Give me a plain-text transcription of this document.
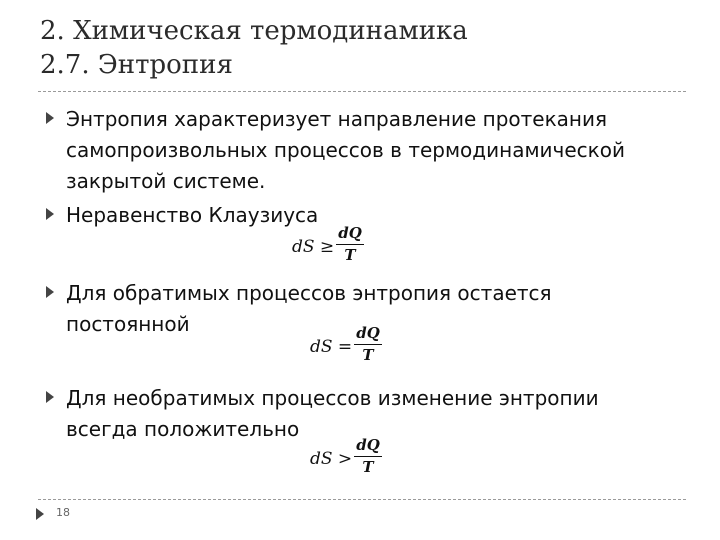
2. Химическая термодинамика
2.7. Энтропия
Энтропия характеризует направление протекания самопроизвольных процессов в термодинамической закрытой системе.
Неравенство Клаузиуса
dS ≥
dQ
T
Для обратимых процессов энтропия остается постоянной
dS =
dQ
T
Для необратимых процессов изменение энтропии всегда положительно
dS >
dQ
T
18
